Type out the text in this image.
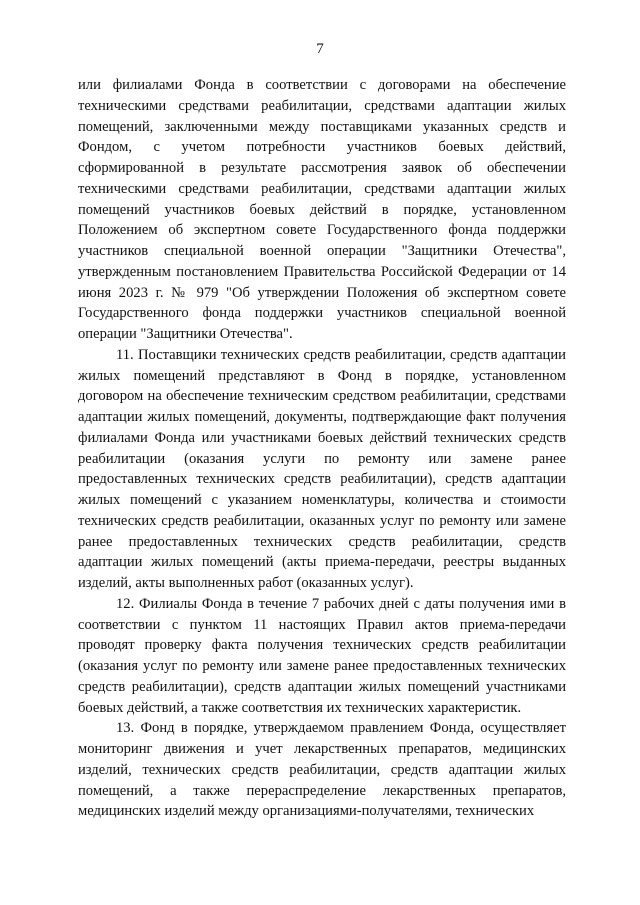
7

или филиалами Фонда в соответствии с договорами на обеспечение техническими средствами реабилитации, средствами адаптации жилых помещений, заключенными между поставщиками указанных средств и Фондом, с учетом потребности участников боевых действий, сформированной в результате рассмотрения заявок об обеспечении техническими средствами реабилитации, средствами адаптации жилых помещений участников боевых действий в порядке, установленном Положением об экспертном совете Государственного фонда поддержки участников специальной военной операции "Защитники Отечества", утвержденным постановлением Правительства Российской Федерации от 14 июня 2023 г. № 979 "Об утверждении Положения об экспертном совете Государственного фонда поддержки участников специальной военной операции "Защитники Отечества".

11. Поставщики технических средств реабилитации, средств адаптации жилых помещений представляют в Фонд в порядке, установленном договором на обеспечение техническим средством реабилитации, средствами адаптации жилых помещений, документы, подтверждающие факт получения филиалами Фонда или участниками боевых действий технических средств реабилитации (оказания услуги по ремонту или замене ранее предоставленных технических средств реабилитации), средств адаптации жилых помещений с указанием номенклатуры, количества и стоимости технических средств реабилитации, оказанных услуг по ремонту или замене ранее предоставленных технических средств реабилитации, средств адаптации жилых помещений (акты приема-передачи, реестры выданных изделий, акты выполненных работ (оказанных услуг).

12. Филиалы Фонда в течение 7 рабочих дней с даты получения ими в соответствии с пунктом 11 настоящих Правил актов приема-передачи проводят проверку факта получения технических средств реабилитации (оказания услуг по ремонту или замене ранее предоставленных технических средств реабилитации), средств адаптации жилых помещений участниками боевых действий, а также соответствия их технических характеристик.

13. Фонд в порядке, утверждаемом правлением Фонда, осуществляет мониторинг движения и учет лекарственных препаратов, медицинских изделий, технических средств реабилитации, средств адаптации жилых помещений, а также перераспределение лекарственных препаратов, медицинских изделий между организациями-получателями, технических
